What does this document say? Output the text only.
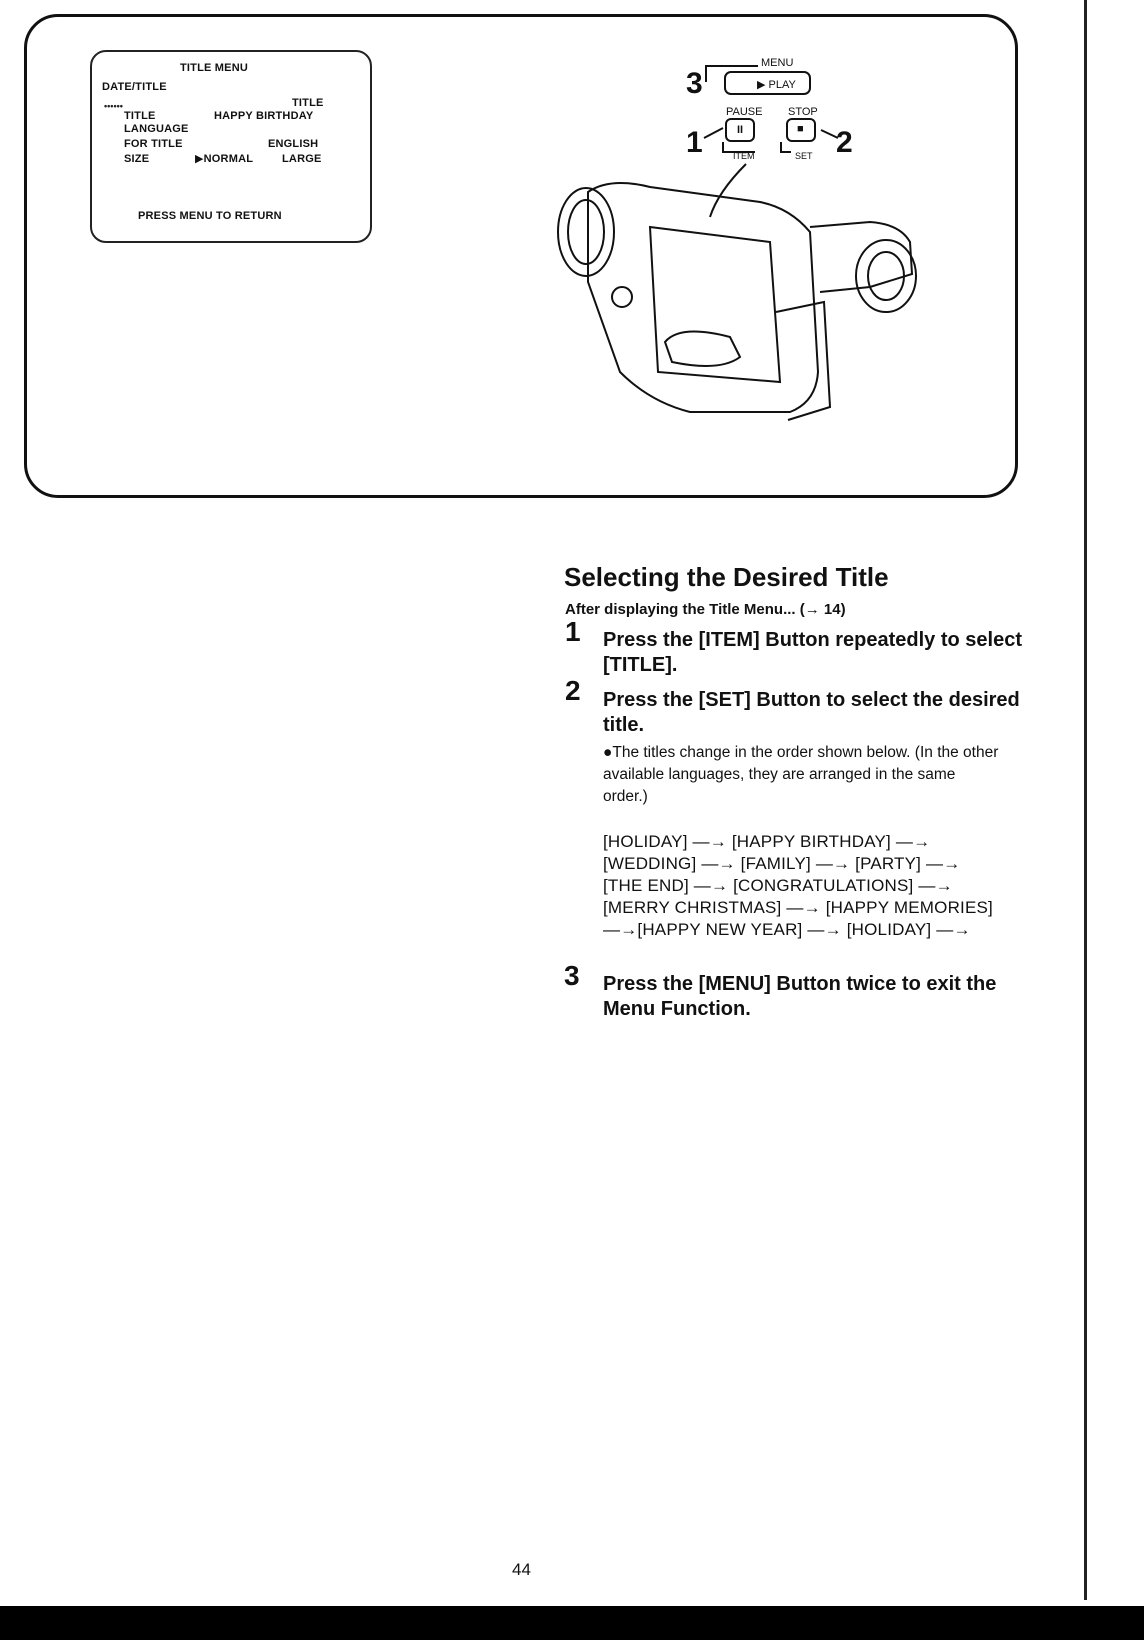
TITLE MENU
DATE/TITLE
••••••	TITLE
TITLE	HAPPY BIRTHDAY
LANGUAGE
FOR TITLE	ENGLISH
SIZE	▶NORMAL	LARGE
PRESS MENU TO RETURN
3
1	2
MENU
▶ PLAY
PAUSE STOP
II	■
ITEM	SET
Selecting the Desired Title
After displaying the Title Menu... (→ 14)
1 Press the [ITEM] Button repeatedly to select [TITLE].
2 Press the [SET] Button to select the desired title.
●The titles change in the order shown below. (In the other available languages, they are arranged in the same order.)
[HOLIDAY] —→ [HAPPY BIRTHDAY] —→
[WEDDING] —→ [FAMILY] —→ [PARTY] —→
[THE END] —→ [CONGRATULATIONS] —→
[MERRY CHRISTMAS] —→ [HAPPY MEMORIES]
—→[HAPPY NEW YEAR] —→ [HOLIDAY] —→
3 Press the [MENU] Button twice to exit the Menu Function.
44
